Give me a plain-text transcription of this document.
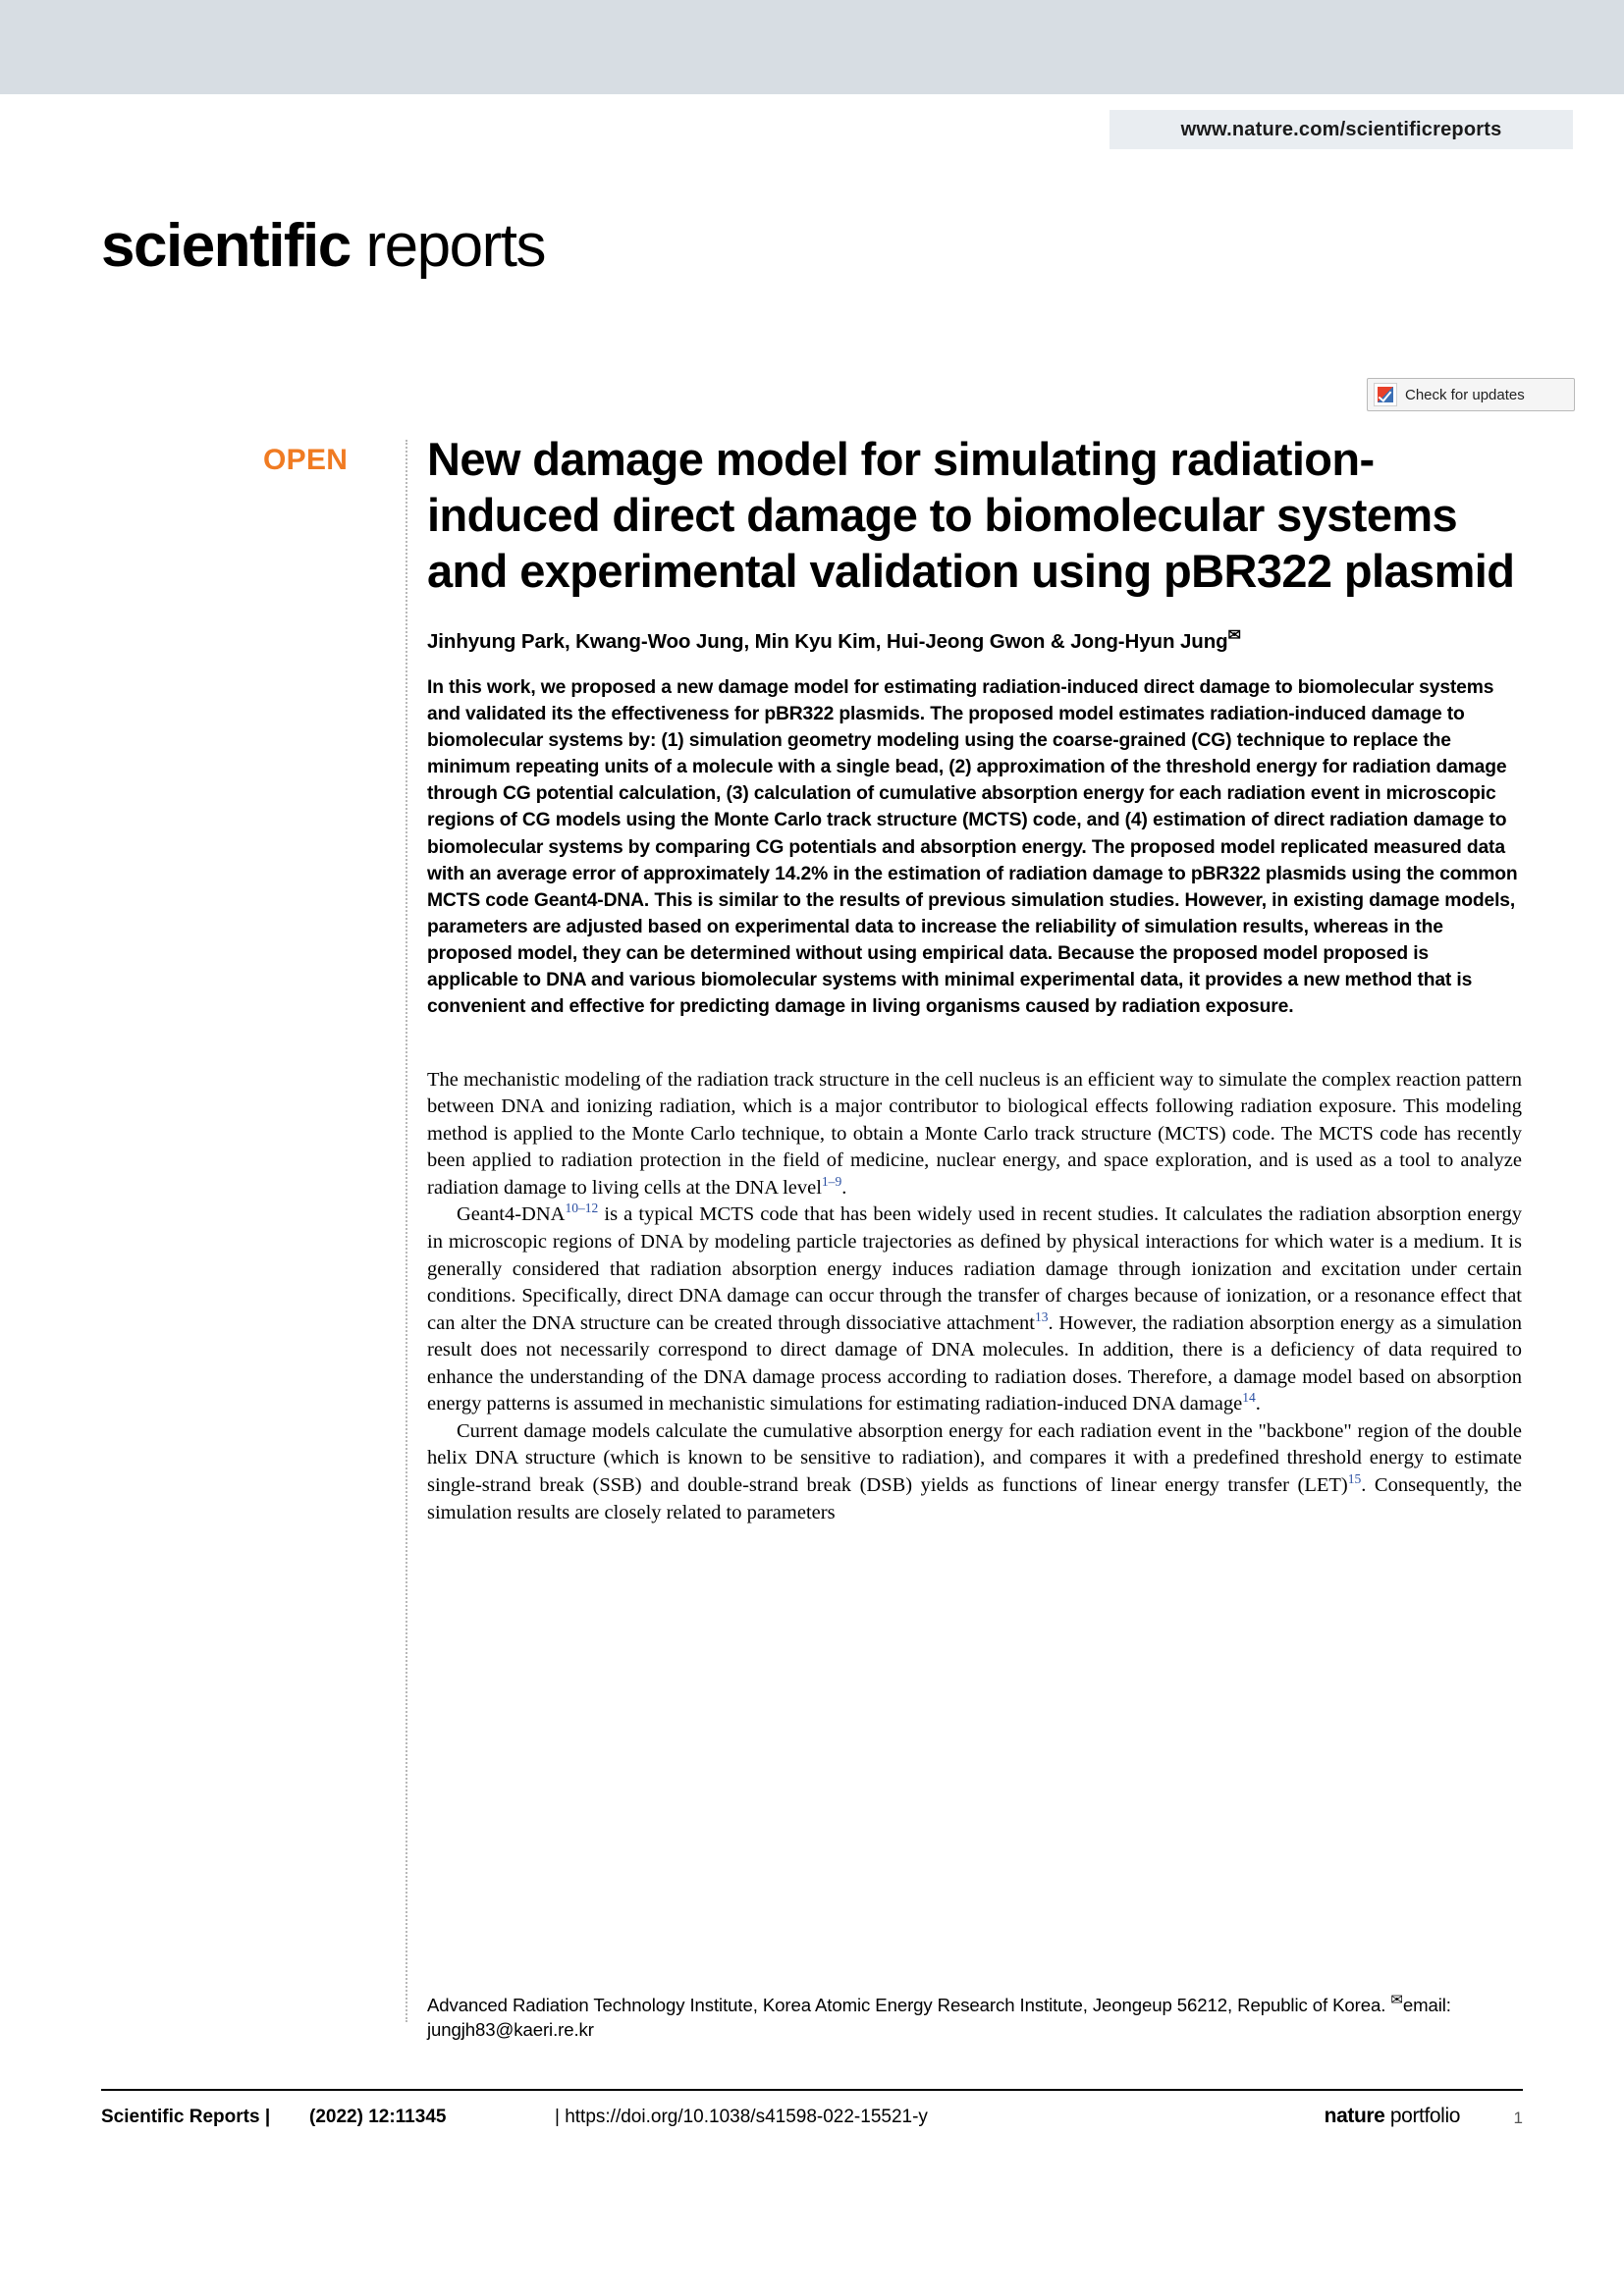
www.nature.com/scientificreports
scientific reports
Check for updates
OPEN New damage model for simulating radiation-induced direct damage to biomolecular systems and experimental validation using pBR322 plasmid
Jinhyung Park, Kwang-Woo Jung, Min Kyu Kim, Hui-Jeong Gwon & Jong-Hyun Jung✉
In this work, we proposed a new damage model for estimating radiation-induced direct damage to biomolecular systems and validated its the effectiveness for pBR322 plasmids. The proposed model estimates radiation-induced damage to biomolecular systems by: (1) simulation geometry modeling using the coarse-grained (CG) technique to replace the minimum repeating units of a molecule with a single bead, (2) approximation of the threshold energy for radiation damage through CG potential calculation, (3) calculation of cumulative absorption energy for each radiation event in microscopic regions of CG models using the Monte Carlo track structure (MCTS) code, and (4) estimation of direct radiation damage to biomolecular systems by comparing CG potentials and absorption energy. The proposed model replicated measured data with an average error of approximately 14.2% in the estimation of radiation damage to pBR322 plasmids using the common MCTS code Geant4-DNA. This is similar to the results of previous simulation studies. However, in existing damage models, parameters are adjusted based on experimental data to increase the reliability of simulation results, whereas in the proposed model, they can be determined without using empirical data. Because the proposed model proposed is applicable to DNA and various biomolecular systems with minimal experimental data, it provides a new method that is convenient and effective for predicting damage in living organisms caused by radiation exposure.

The mechanistic modeling of the radiation track structure in the cell nucleus is an efficient way to simulate the complex reaction pattern between DNA and ionizing radiation, which is a major contributor to biological effects following radiation exposure. This modeling method is applied to the Monte Carlo technique, to obtain a Monte Carlo track structure (MCTS) code. The MCTS code has recently been applied to radiation protection in the field of medicine, nuclear energy, and space exploration, and is used as a tool to analyze radiation damage to living cells at the DNA level$^{1-9}$.

Geant4-DNA$^{10-12}$ is a typical MCTS code that has been widely used in recent studies. It calculates the radiation absorption energy in microscopic regions of DNA by modeling particle trajectories as defined by physical interactions for which water is a medium. It is generally considered that radiation absorption energy induces radiation damage through ionization and excitation under certain conditions. Specifically, direct DNA damage can occur through the transfer of charges because of ionization, or a resonance effect that can alter the DNA structure can be created through dissociative attachment$^{13}$. However, the radiation absorption energy as a simulation result does not necessarily correspond to direct damage of DNA molecules. In addition, there is a deficiency of data required to enhance the understanding of the DNA damage process according to radiation doses. Therefore, a damage model based on absorption energy patterns is assumed in mechanistic simulations for estimating radiation-induced DNA damage$^{14}$.

Current damage models calculate the cumulative absorption energy for each radiation event in the "backbone" region of the double helix DNA structure (which is known to be sensitive to radiation), and compares it with a predefined threshold energy to estimate single-strand break (SSB) and double-strand break (DSB) yields as functions of linear energy transfer (LET)$^{15}$. Consequently, the simulation results are closely related to parameters

Advanced Radiation Technology Institute, Korea Atomic Energy Research Institute, Jeongeup 56212, Republic of Korea. ✉email: jungjh83@kaeri.re.kr
Scientific Reports | (2022) 12:11345	| https://doi.org/10.1038/s41598-022-15521-y	nature portfolio	1
